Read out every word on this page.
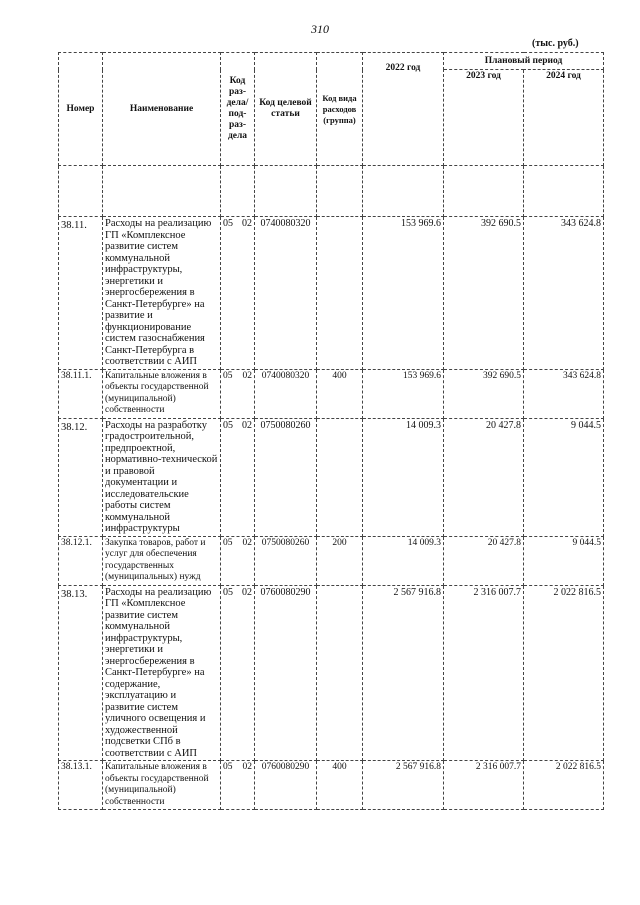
310
(тыс. руб.)
Номер	Наименование	Код раз-дела/ под-раз-дела	Код целевой статьи	Код вида расходов (группа)	2022 год	Плановый период	
						2023 год	2024 год

38.11.	Расходы на реализацию ГП «Комплексное развитие систем коммунальной инфраструктуры, энергетики и энергосбережения в Санкт-Петербурге» на развитие и функционирование систем газоснабжения Санкт-Петербурга в соответствии с АИП	05 02	0740080320		153 969.6	392 690.5	343 624.8
38.11.1.	Капитальные вложения в объекты государственной (муниципальной) собственности	05 02	0740080320	400	153 969.6	392 690.5	343 624.8
38.12.	Расходы на разработку градостроительной, предпроектной, нормативно-технической и правовой документации и исследовательские работы систем коммунальной инфраструктуры	05 02	0750080260		14 009.3	20 427.8	9 044.5
38.12.1.	Закупка товаров, работ и услуг для обеспечения государственных (муниципальных) нужд	05 02	0750080260	200	14 009.3	20 427.8	9 044.5
38.13.	Расходы на реализацию ГП «Комплексное развитие систем коммунальной инфраструктуры, энергетики и энергосбережения в Санкт-Петербурге» на содержание, эксплуатацию и развитие систем уличного освещения и художественной подсветки СПб в соответствии с АИП	05 02	0760080290		2 567 916.8	2 316 007.7	2 022 816.5
38.13.1.	Капитальные вложения в объекты государственной (муниципальной) собственности	05 02	0760080290	400	2 567 916.8	2 316 007.7	2 022 816.5
